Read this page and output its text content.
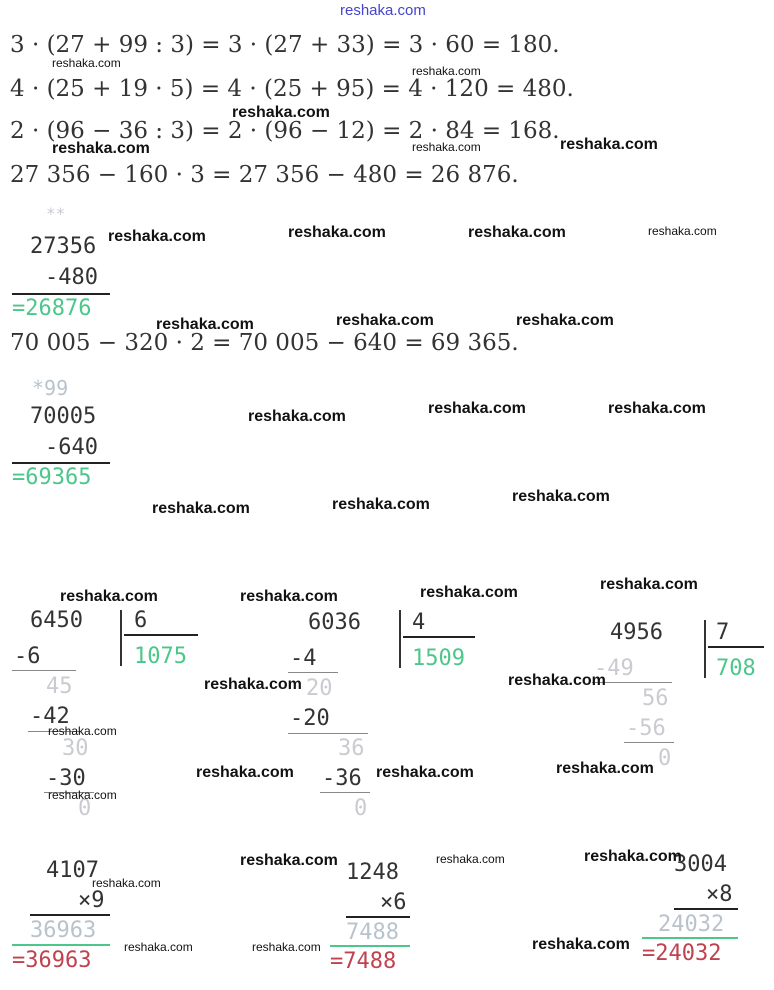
reshaka.com
3 · (27 + 99 : 3) = 3 · (27 + 33) = 3 · 60 = 180.
4 · (25 + 19 · 5) = 4 · (25 + 95) = 4 · 120 = 480.
2 · (96 − 36 : 3) = 2 · (96 − 12) = 2 · 84 = 168.
27 356 − 160 · 3 = 27 356 − 480 = 26 876.
**
27356
-480
=26876
70 005 − 320 · 2 = 70 005 − 640 = 69 365.
*99
70005
-640
=69365
6450 6
1075
-6
45
-42
30
-30
0
6036 4
1509
-4
20
-20
36
-36
0
4956 7
708
-49
56
-56
0
4107
×9
36963
=36963
1248
×6
7488
=7488
3004
×8
24032
=24032
reshaka.com
reshaka.com
reshaka.com
reshaka.com	reshaka.com	reshaka.com
reshaka.com	reshaka.com	reshaka.com	reshaka.com
reshaka.com	reshaka.com	reshaka.com
reshaka.com	reshaka.com	reshaka.com
reshaka.com	reshaka.com	reshaka.com
reshaka.com	reshaka.com	reshaka.com	reshaka.com
reshaka.com	reshaka.com
reshaka.com
reshaka.com	reshaka.com	reshaka.com
reshaka.com
reshaka.com	reshaka.com	reshaka.com
reshaka.com
reshaka.com	reshaka.com	reshaka.com
